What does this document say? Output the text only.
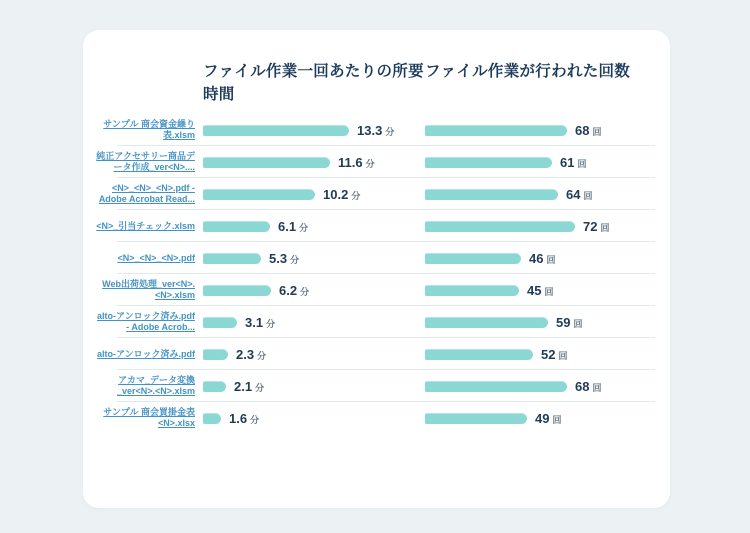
ファイル作業一回あたりの所要時間
ファイル作業が行われた回数
サンプル 商会資金繰り表.xlsm	13.3 分	68 回
純正アクセサリー商品データ作成_ver<N>....	11.6 分	61 回
<N>_<N>_<N>.pdf - Adobe Acrobat Read...	10.2 分	64 回
<N>_引当チェック.xlsm	6.1 分	72 回
<N>_<N>_<N>.pdf	5.3 分	46 回
Web出荷処理_ver<N>.<N>.xlsm	6.2 分	45 回
alto-アンロック済み.pdf - Adobe Acrob...	3.1 分	59 回
alto-アンロック済み.pdf	2.3 分	52 回
アカマ_データ変換_ver<N>.<N>.xlsm	2.1 分	68 回
サンプル 商会買掛金表 <N>.xlsx	1.6 分	49 回
